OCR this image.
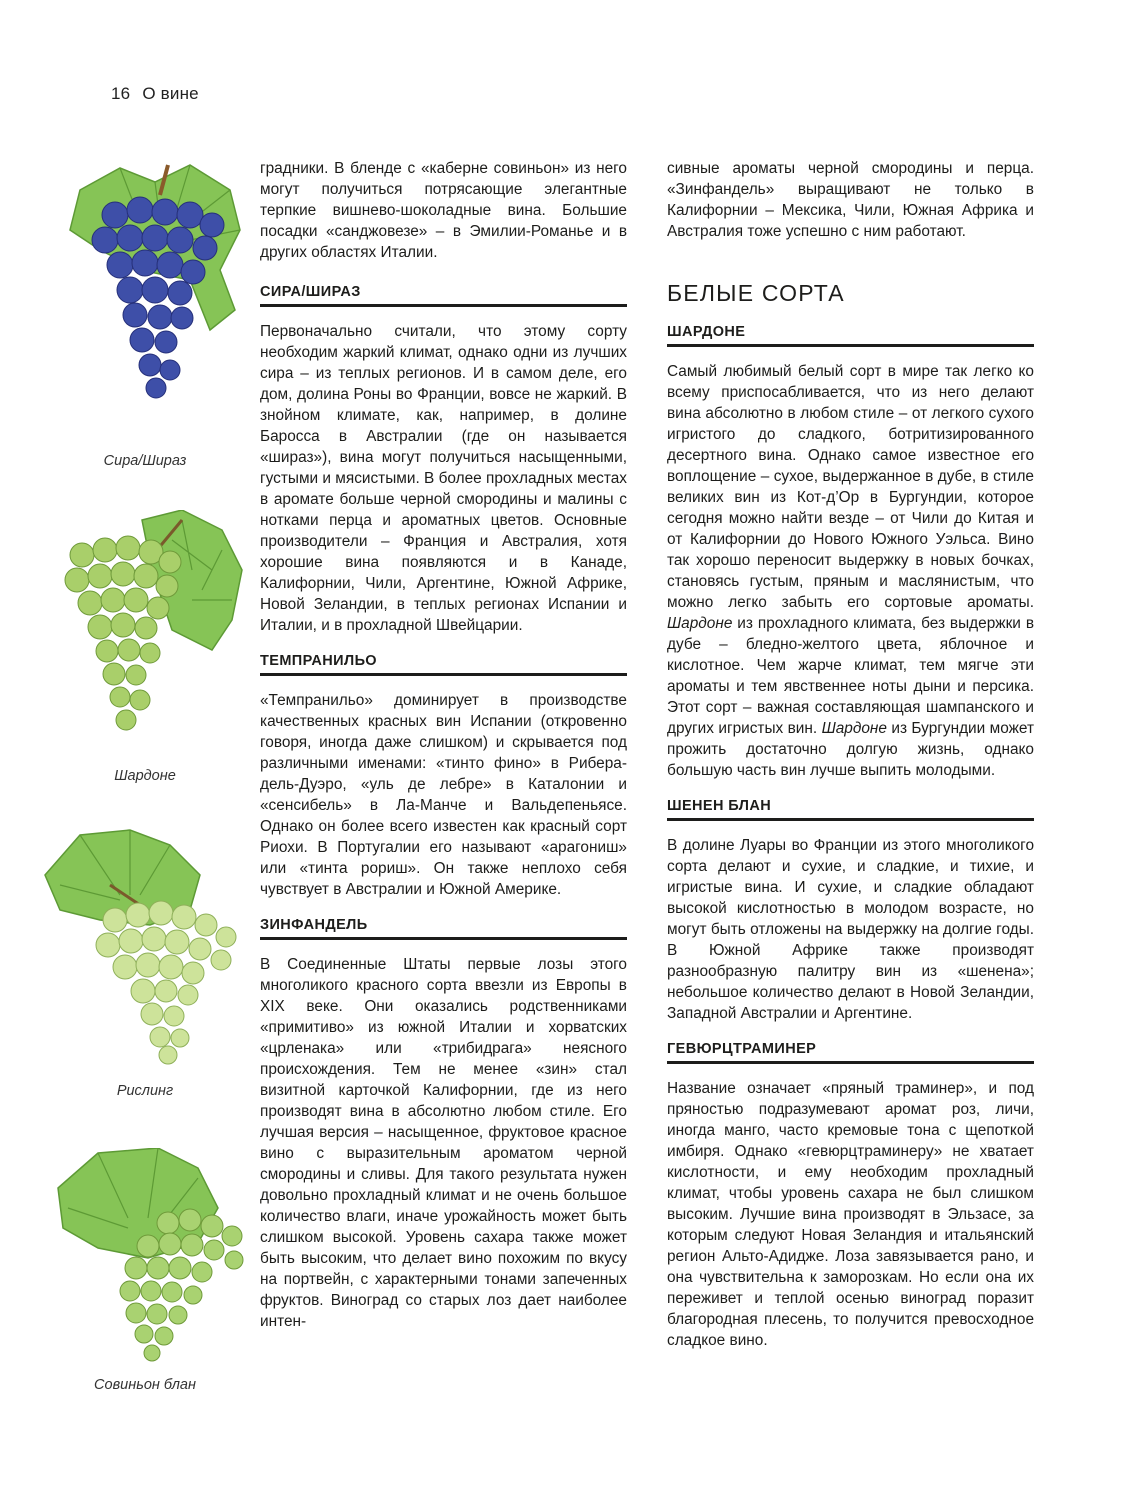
16 О вине
Сира/Шираз
Шардоне
Рислинг
Совиньон блан

градники. В бленде с «каберне совиньон» из него могут получиться потрясающие элегантные терпкие вишнево-шоколадные вина. Большие посадки «санджовезе» – в Эмилии-Романье и в других областях Италии.

СИРА/ШИРАЗ

Первоначально считали, что этому сорту необходим жаркий климат, однако одни из лучших сира – из теплых регионов. И в самом деле, его дом, долина Роны во Франции, вовсе не жаркий. В знойном климате, как, например, в долине Баросса в Австралии (где он называется «шираз»), вина могут получиться насыщенными, густыми и мясистыми. В более прохладных местах в аромате больше черной смородины и малины с нотками перца и ароматных цветов. Основные производители – Франция и Австралия, хотя хорошие вина появляются и в Канаде, Калифорнии, Чили, Аргентине, Южной Африке, Новой Зеландии, в теплых регионах Испании и Италии, и в прохладной Швейцарии.

ТЕМПРАНИЛЬО

«Темпранильо» доминирует в производстве качественных красных вин Испании (откровенно говоря, иногда даже слишком) и скрывается под различными именами: «тинто фино» в Рибера-дель-Дуэро, «уль де лебре» в Каталонии и «сенсибель» в Ла-Манче и Вальдепеньясе. Однако он более всего известен как красный сорт Риохи. В Португалии его называют «арагониш» или «тинта рориш». Он также неплохо себя чувствует в Австралии и Южной Америке.

ЗИНФАНДЕЛЬ

В Соединенные Штаты первые лозы этого многоликого красного сорта ввезли из Европы в XIX веке. Они оказались родственниками «примитиво» из южной Италии и хорватских «црленака» или «трибидрага» неясного происхождения. Тем не менее «зин» стал визитной карточкой Калифорнии, где из него производят вина в абсолютно любом стиле. Его лучшая версия – насыщенное, фруктовое красное вино с выразительным ароматом черной смородины и сливы. Для такого результата нужен довольно прохладный климат и не очень большое количество влаги, иначе урожайность может быть слишком высокой. Уровень сахара также может быть высоким, что делает вино похожим по вкусу на портвейн, с характерными тонами запеченных фруктов. Виноград со старых лоз дает наиболее интен-

сивные ароматы черной смородины и перца. «Зинфандель» выращивают не только в Калифорнии – Мексика, Чили, Южная Африка и Австралия тоже успешно с ним работают.

БЕЛЫЕ СОРТА
ШАРДОНЕ

Самый любимый белый сорт в мире так легко ко всему приспосабливается, что из него делают вина абсолютно в любом стиле – от легкого сухого игристого до сладкого, ботритизированного десертного вина. Однако самое известное его воплощение – сухое, выдержанное в дубе, в стиле великих вин из Кот-д’Ор в Бургундии, которое сегодня можно найти везде – от Чили до Китая и от Калифорнии до Нового Южного Уэльса. Вино так хорошо переносит выдержку в новых бочках, становясь густым, пряным и маслянистым, что можно легко забыть его сортовые ароматы. Шардоне из прохладного климата, без выдержки в дубе – бледно-желтого цвета, яблочное и кислотное. Чем жарче климат, тем мягче эти ароматы и тем явственнее ноты дыни и персика. Этот сорт – важная составляющая шампанского и других игристых вин. Шардоне из Бургундии может прожить достаточно долгую жизнь, однако большую часть вин лучше выпить молодыми.

ШЕНЕН БЛАН

В долине Луары во Франции из этого многоликого сорта делают и сухие, и сладкие, и тихие, и игристые вина. И сухие, и сладкие обладают высокой кислотностью в молодом возрасте, но могут быть отложены на выдержку на долгие годы. В Южной Африке также производят разнообразную палитру вин из «шенена»; небольшое количество делают в Новой Зеландии, Западной Австралии и Аргентине.

ГЕВЮРЦТРАМИНЕР

Название означает «пряный траминер», и под пряностью подразумевают аромат роз, личи, иногда манго, часто кремовые тона с щепоткой имбиря. Однако «гевюрцтраминеру» не хватает кислотности, и ему необходим прохладный климат, чтобы уровень сахара не был слишком высоким. Лучшие вина производят в Эльзасе, за которым следуют Новая Зеландия и итальянский регион Альто-Адидже. Лоза завязывается рано, и она чувствительна к заморозкам. Но если она их переживет и теплой осенью виноград поразит благородная плесень, то получится превосходное сладкое вино.
